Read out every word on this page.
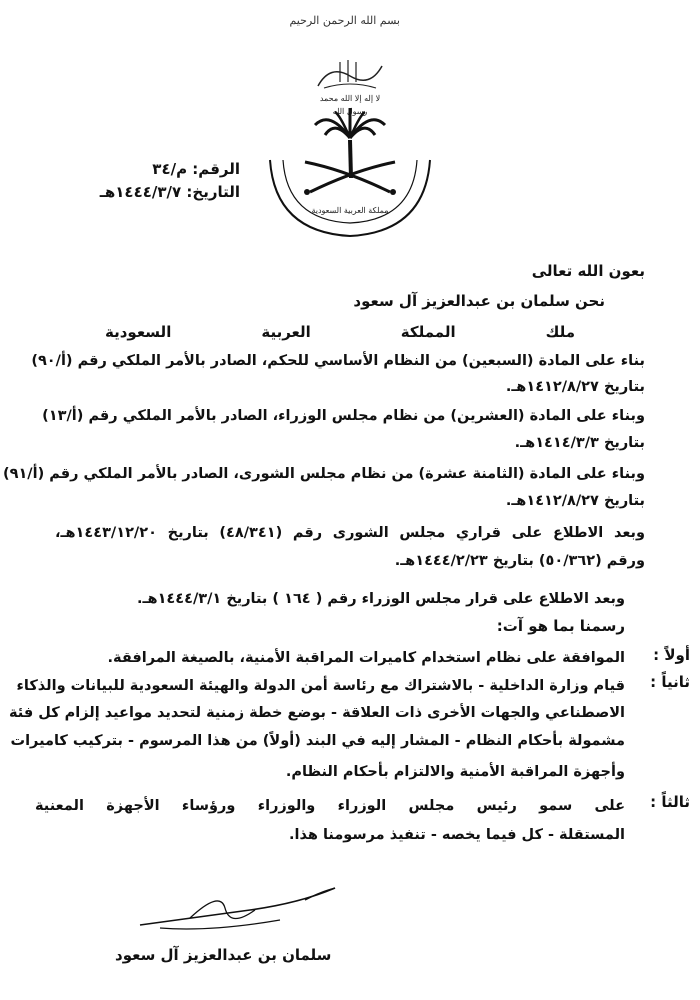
بسم الله الرحمن الرحيم
لا إله إلا الله محمد رسول الله
مملكة العربية السعودية
الرقم: م/٣٤
التاريخ: ١٤٤٤/٣/٧هـ
بعون الله تعالى
نحن سلمان بن عبدالعزيز آل سعود
ملك المملكة العربية السعودية
بناء على المادة (السبعين) من النظام الأساسي للحكم، الصادر بالأمر الملكي رقم (أ/٩٠)
بتاريخ ١٤١٢/٨/٢٧هـ.
وبناء على المادة (العشرين) من نظام مجلس الوزراء، الصادر بالأمر الملكي رقم (أ/١٣)
بتاريخ ١٤١٤/٣/٣هـ.
وبناء على المادة (الثامنة عشرة) من نظام مجلس الشورى، الصادر بالأمر الملكي رقم (أ/٩١)
بتاريخ ١٤١٢/٨/٢٧هـ.
وبعد الاطلاع على قراري مجلس الشورى رقم (٤٨/٣٤١) بتاريخ ١٤٤٣/١٢/٢٠هـ،
ورقم (٥٠/٣٦٢) بتاريخ ١٤٤٤/٢/٢٣هـ.
وبعد الاطلاع على قرار مجلس الوزراء رقم ( ١٦٤ ) بتاريخ ١٤٤٤/٣/١هـ.
رسمنا بما هو آت:
أولاً :
الموافقة على نظام استخدام كاميرات المراقبة الأمنية، بالصيغة المرافقة.
ثانياً :
قيام وزارة الداخلية - بالاشتراك مع رئاسة أمن الدولة والهيئة السعودية للبيانات والذكاء
الاصطناعي والجهات الأخرى ذات العلاقة - بوضع خطة زمنية لتحديد مواعيد إلزام كل فئة
مشمولة بأحكام النظام - المشار إليه في البند (أولاً) من هذا المرسوم - بتركيب كاميرات
وأجهزة المراقبة الأمنية والالتزام بأحكام النظام.
ثالثاً :
على سمو رئيس مجلس الوزراء والوزراء ورؤساء الأجهزة المعنية
المستقلة - كل فيما يخصه - تنفيذ مرسومنا هذا.
سلمان بن عبدالعزيز آل سعود
